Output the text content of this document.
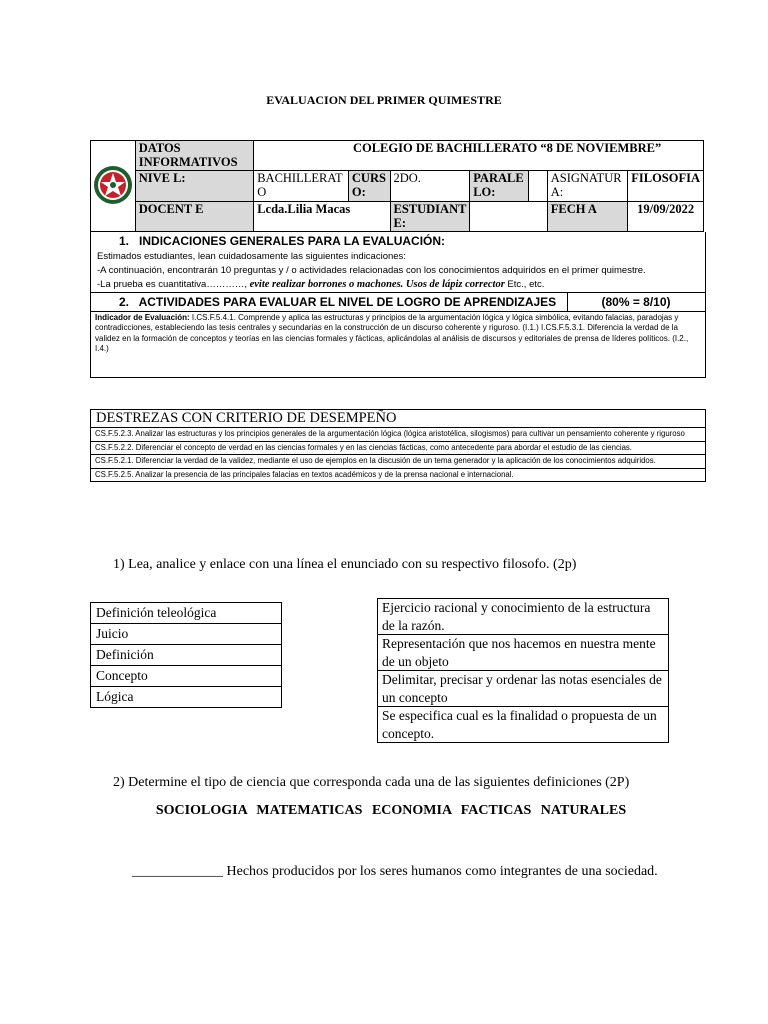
EVALUACION DEL PRIMER QUIMESTRE
	DATOS INFORMATIVOS	COLEGIO DE BACHILLERATO “8 DE NOVIEMBRE”						
	NIVE L:	BACHILLERAT O	CURS O:	2DO.	PARALE LO:		ASIGNATUR A:	FILOSOFIA
	DOCENT E	Lcda.Lilia Macas		ESTUDIANT E:			FECH A	19/09/2022
1. INDICACIONES GENERALES PARA LA EVALUACIÓN:
Estimados estudiantes, lean cuidadosamente las siguientes indicaciones:
-A continuación, encontrarán 10 preguntas y / o actividades relacionadas con los conocimientos adquiridos en el primer quimestre.
-La prueba es cuantitativa…………, evite realizar borrones o machones. Usos de lápiz corrector Etc., etc.
2. ACTIVIDADES PARA EVALUAR EL NIVEL DE LOGRO DE APRENDIZAJES	(80% = 8/10)
Indicador de Evaluación: I.CS.F.5.4.1. Comprende y aplica las estructuras y principios de la argumentación lógica y lógica simbólica, evitando falacias, paradojas y contradicciones, estableciendo las tesis centrales y secundarias en la construcción de un discurso coherente y riguroso. (I.1.) I.CS.F.5.3.1. Diferencia la verdad de la validez en la formación de conceptos y teorías en las ciencias formales y fácticas, aplicándolas al análisis de discursos y editoriales de prensa de líderes políticos. (I.2., I.4.)
DESTREZAS CON CRITERIO DE DESEMPEÑO
CS.F.5.2.3. Analizar las estructuras y los principios generales de la argumentación lógica (lógica aristotélica, silogismos) para cultivar un pensamiento coherente y riguroso
CS.F.5.2.2. Diferenciar el concepto de verdad en las ciencias formales y en las ciencias fácticas, como antecedente para abordar el estudio de las ciencias.
CS.F.5.2.1. Diferenciar la verdad de la validez, mediante el uso de ejemplos en la discusión de un tema generador y la aplicación de los conocimientos adquiridos.
CS.F.5.2.5. Analizar la presencia de las principales falacias en textos académicos y de la prensa nacional e internacional.
1) Lea, analice y enlace con una línea el enunciado con su respectivo filosofo. (2p)
Definición teleológica
Juicio
Definición
Concepto
Lógica
Ejercicio racional y conocimiento de la estructura de la razón.
Representación que nos hacemos en nuestra mente de un objeto
Delimitar, precisar y ordenar las notas esenciales de un concepto
Se especifica cual es la finalidad o propuesta de un concepto.
2) Determine el tipo de ciencia que corresponda cada una de las siguientes definiciones (2P)
SOCIOLOGIA MATEMATICAS ECONOMIA FACTICAS NATURALES
_____________ Hechos producidos por los seres humanos como integrantes de una sociedad.
